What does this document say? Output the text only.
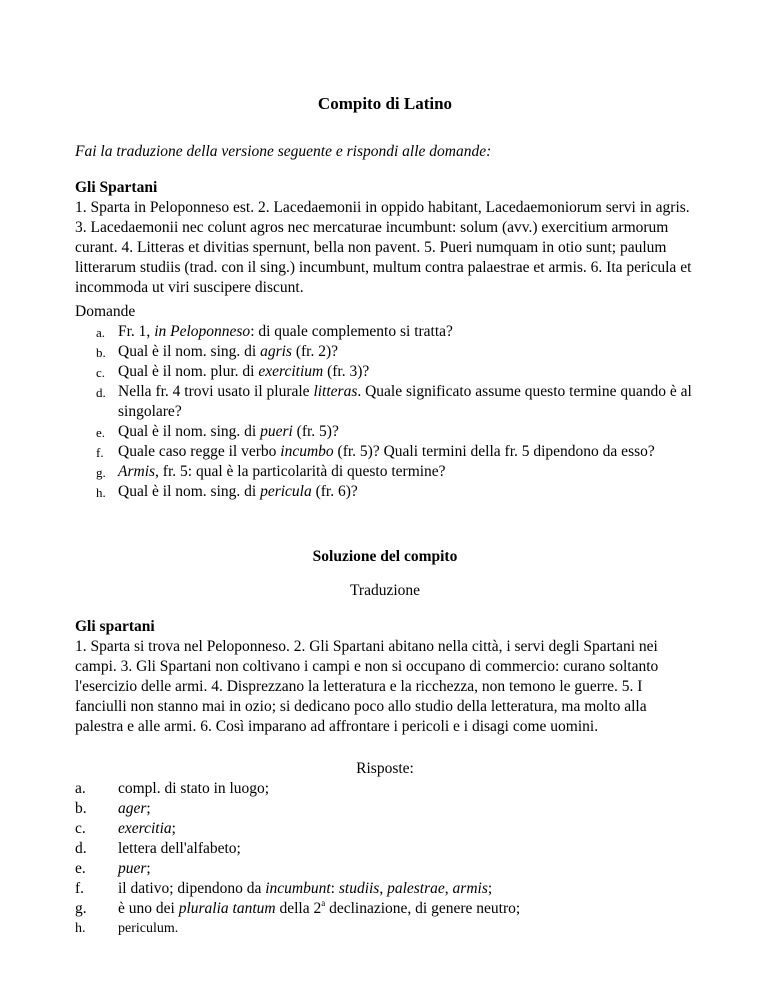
Compito di Latino
Fai la traduzione della versione seguente e rispondi alle domande:

Gli Spartani

1. Sparta in Peloponneso est. 2. Lacedaemonii in oppido habitant, Lacedaemoniorum servi in agris. 3. Lacedaemonii nec colunt agros nec mercaturae incumbunt: solum (avv.) exercitium armorum curant. 4. Litteras et divitias spernunt, bella non pavent. 5. Pueri numquam in otio sunt; paulum litterarum studiis (trad. con il sing.) incumbunt, multum contra palaestrae et armis. 6. Ita pericula et incommoda ut viri suscipere discunt.

Domande

a. Fr. 1, in Peloponneso: di quale complemento si tratta?
b. Qual è il nom. sing. di agris (fr. 2)?
c. Qual è il nom. plur. di exercitium (fr. 3)?
d. Nella fr. 4 trovi usato il plurale litteras. Quale significato assume questo termine quando è al singolare?
e. Qual è il nom. sing. di pueri (fr. 5)?
f. Quale caso regge il verbo incumbo (fr. 5)? Quali termini della fr. 5 dipendono da esso?
g. Armis, fr. 5: qual è la particolarità di questo termine?
h. Qual è il nom. sing. di pericula (fr. 6)?
Soluzione del compito
Traduzione

Gli spartani

1. Sparta si trova nel Peloponneso. 2. Gli Spartani abitano nella città, i servi degli Spartani nei campi. 3. Gli Spartani non coltivano i campi e non si occupano di commercio: curano soltanto l'esercizio delle armi. 4. Disprezzano la letteratura e la ricchezza, non temono le guerre. 5. I fanciulli non stanno mai in ozio; si dedicano poco allo studio della letteratura, ma molto alla palestra e alle armi. 6. Così imparano ad affrontare i pericoli e i disagi come uomini.

Risposte:
a. compl. di stato in luogo;
b. ager;
c. exercitia;
d. lettera dell'alfabeto;
e. puer;
f. il dativo; dipendono da incumbunt: studiis, palestrae, armis;
g. è uno dei pluralia tantum della 2$^a$ declinazione, di genere neutro;
h. periculum.
